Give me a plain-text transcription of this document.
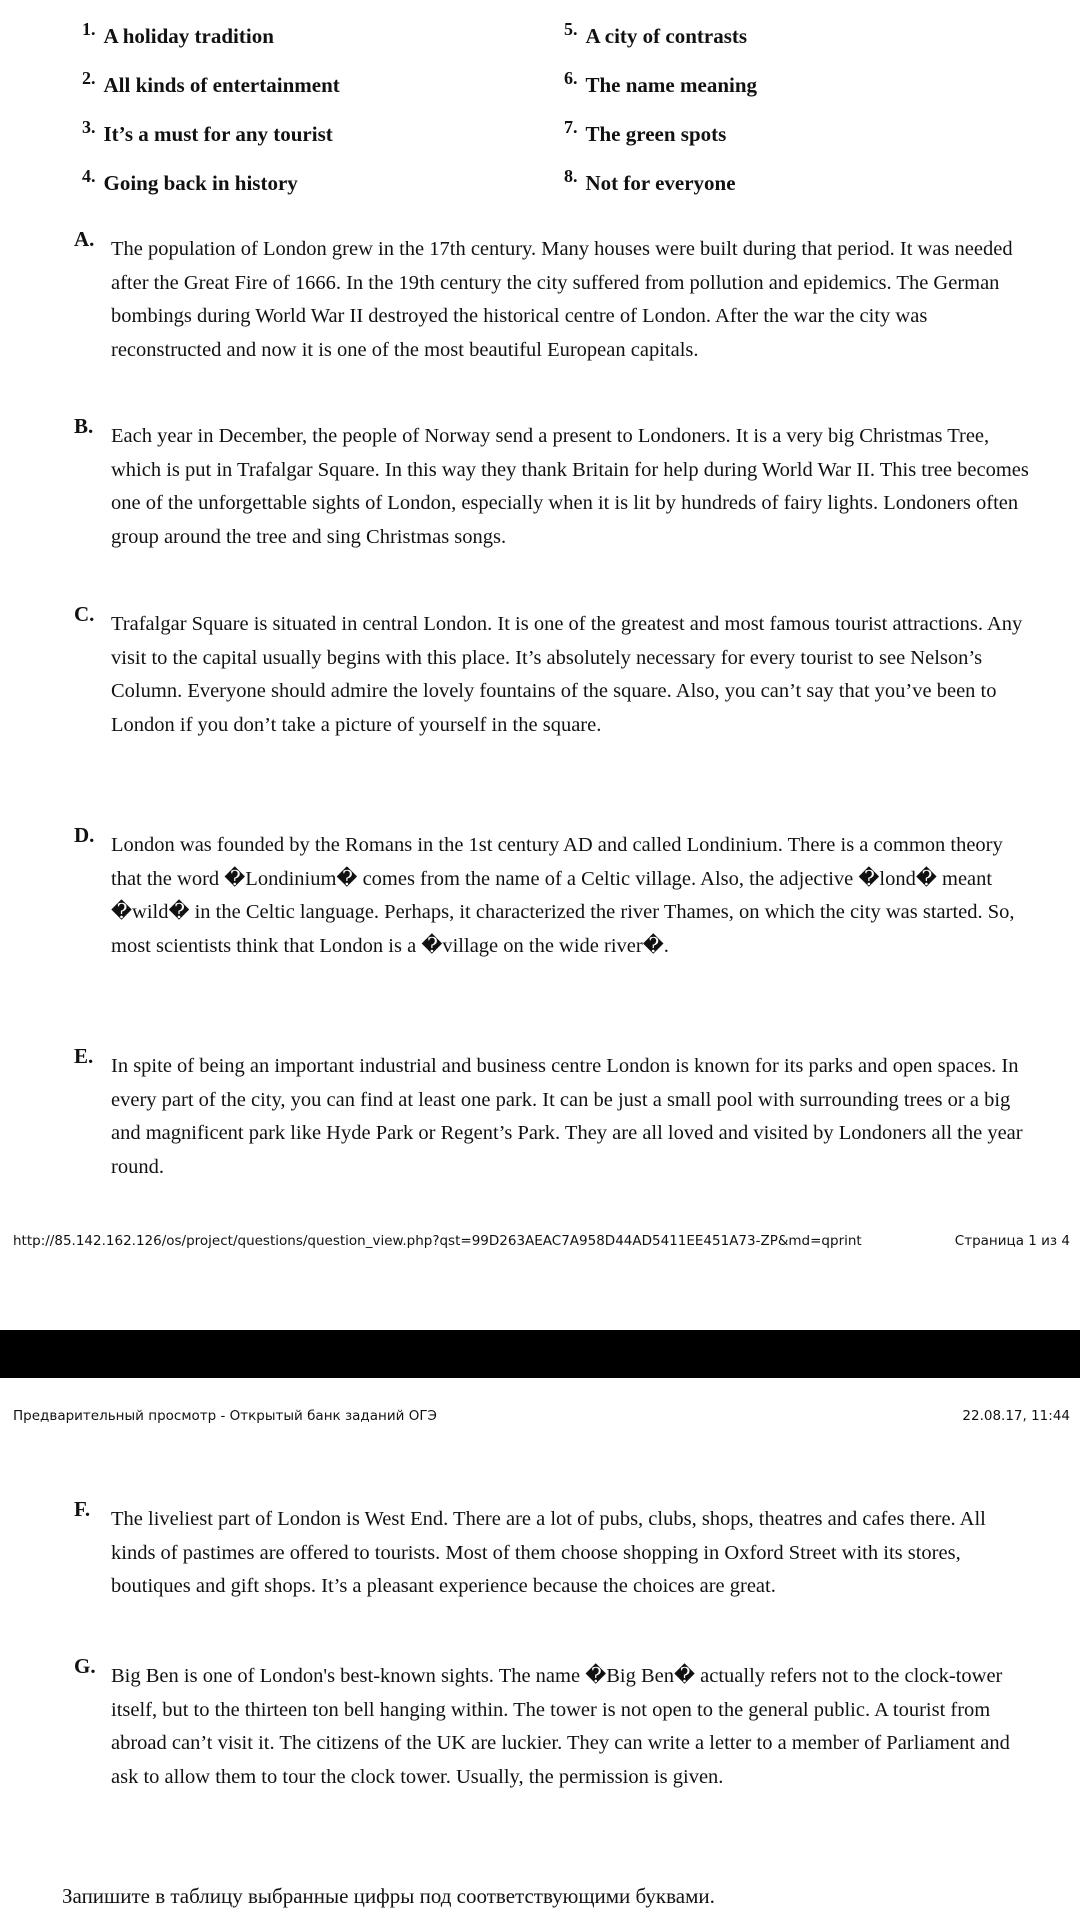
1. A holiday tradition
2. All kinds of entertainment
3. It’s a must for any tourist
4. Going back in history
5. A city of contrasts
6. The name meaning
7. The green spots
8. Not for everyone
A. The population of London grew in the 17th century. Many houses were built during that period. It was needed after the Great Fire of 1666. In the 19th century the city suffered from pollution and epidemics. The German bombings during World War II destroyed the historical centre of London. After the war the city was reconstructed and now it is one of the most beautiful European capitals.
B. Each year in December, the people of Norway send a present to Londoners. It is a very big Christmas Tree, which is put in Trafalgar Square. In this way they thank Britain for help during World War II. This tree becomes one of the unforgettable sights of London, especially when it is lit by hundreds of fairy lights. Londoners often group around the tree and sing Christmas songs.
C. Trafalgar Square is situated in central London. It is one of the greatest and most famous tourist attractions. Any visit to the capital usually begins with this place. It’s absolutely necessary for every tourist to see Nelson’s Column. Everyone should admire the lovely fountains of the square. Also, you can’t say that you’ve been to London if you don’t take a picture of yourself in the square.
D. London was founded by the Romans in the 1st century AD and called Londinium. There is a common theory that the word �Londinium� comes from the name of a Celtic village. Also, the adjective �lond� meant �wild� in the Celtic language. Perhaps, it characterized the river Thames, on which the city was started. So, most scientists think that London is a �village on the wide river�.
E. In spite of being an important industrial and business centre London is known for its parks and open spaces. In every part of the city, you can find at least one park. It can be just a small pool with surrounding trees or a big and magnificent park like Hyde Park or Regent’s Park. They are all loved and visited by Londoners all the year round.
http://85.142.162.126/os/project/questions/question_view.php?qst=99D263AEAC7A958D44AD5411EE451A73-ZP&md=qprint	Страница 1 из 4
Предварительный просмотр - Открытый банк заданий ОГЭ	22.08.17, 11:44
F. The liveliest part of London is West End. There are a lot of pubs, clubs, shops, theatres and cafes there. All kinds of pastimes are offered to tourists. Most of them choose shopping in Oxford Street with its stores, boutiques and gift shops. It’s a pleasant experience because the choices are great.
G. Big Ben is one of London's best-known sights. The name �Big Ben� actually refers not to the clock-tower itself, but to the thirteen ton bell hanging within. The tower is not open to the general public. A tourist from abroad can’t visit it. The citizens of the UK are luckier. They can write a letter to a member of Parliament and ask to allow them to tour the clock tower. Usually, the permission is given.
Запишите в таблицу выбранные цифры под соответствующими буквами.
